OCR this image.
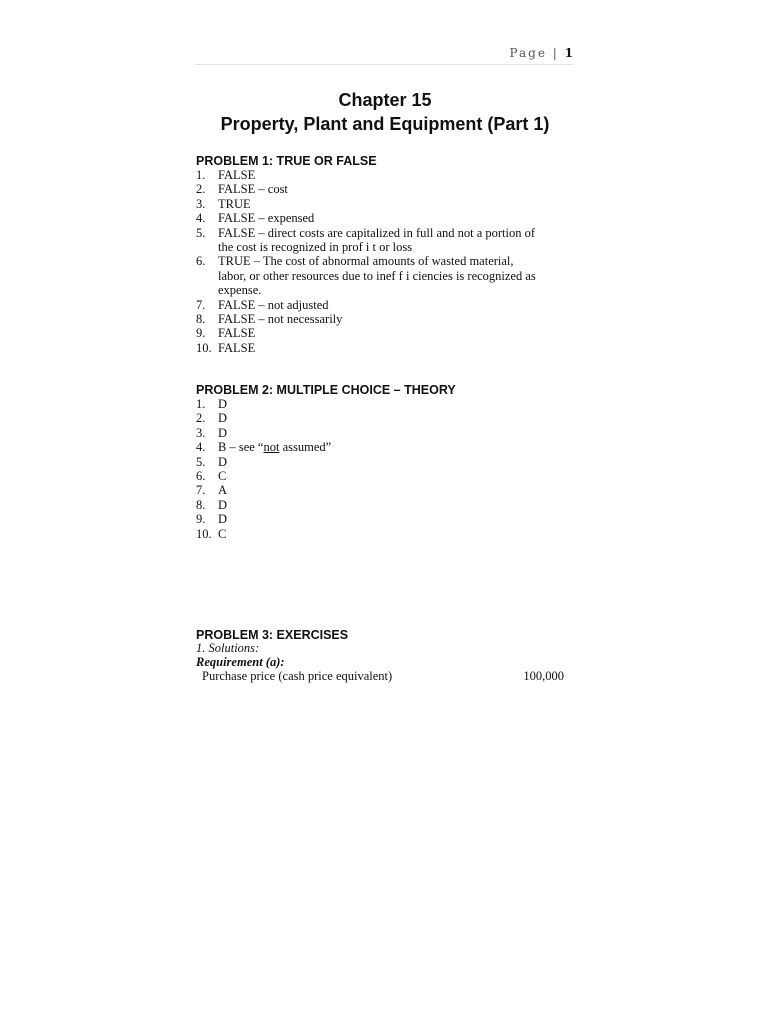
Page | 1
Chapter 15
Property, Plant and Equipment (Part 1)
PROBLEM 1: TRUE OR FALSE
1. FALSE
2. FALSE – cost
3. TRUE
4. FALSE – expensed
5. FALSE – direct costs are capitalized in full and not a portion of
the cost is recognized in prof i t or loss
6. TRUE – The cost of abnormal amounts of wasted material,
labor, or other resources due to inef f i ciencies is recognized as
expense.
7. FALSE – not adjusted
8. FALSE – not necessarily
9. FALSE
10. FALSE
PROBLEM 2: MULTIPLE CHOICE – THEORY
1. D
2. D
3. D
4. B – see “not assumed”
5. D
6. C
7. A
8. D
9. D
10. C
PROBLEM 3: EXERCISES
1. Solutions:
Requirement (a):
Purchase price (cash price equivalent)	100,000
